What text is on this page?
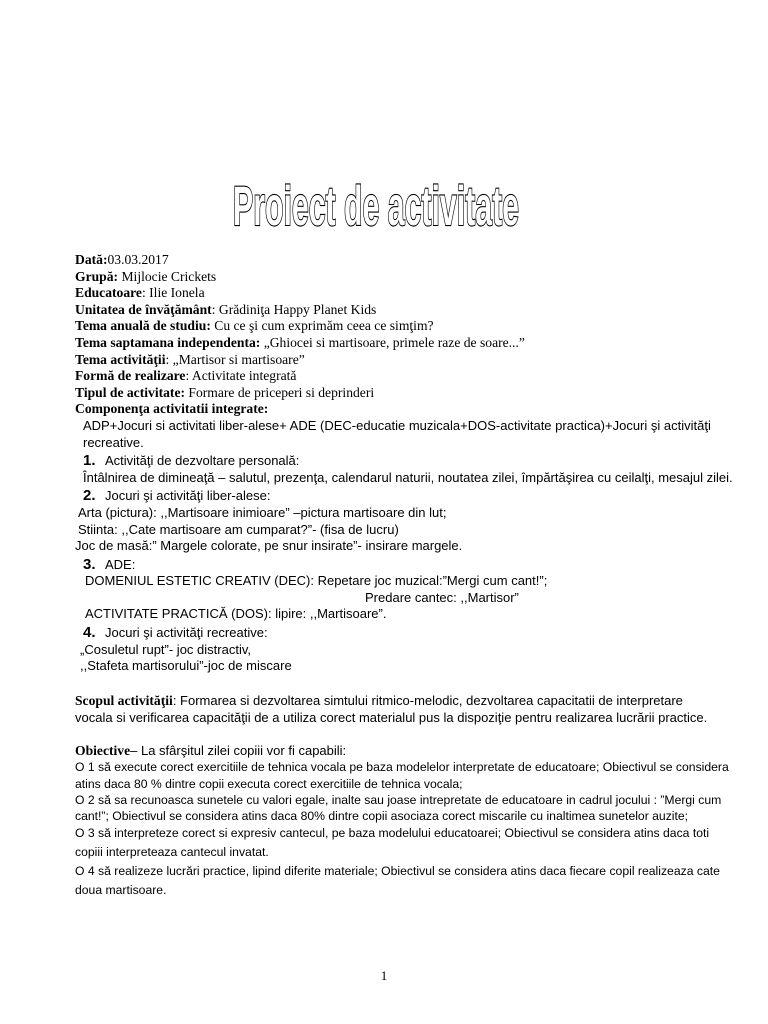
Proiect de activitate
Dată:03.03.2017
Grupă: Mijlocie Crickets
Educatoare: Ilie Ionela
Unitatea de învăţământ: Grădiniţa Happy Planet Kids
Tema anuală de studiu: Cu ce şi cum exprimăm ceea ce simţim?
Tema saptamana independenta: „Ghiocei si martisoare, primele raze de soare...”
Tema activităţii: „Martisor si martisoare”
Formă de realizare: Activitate integrată
Tipul de activitate: Formare de priceperi si deprinderi
Componenţa activitatii integrate:
ADP+Jocuri si activitati liber-alese+ ADE (DEC-educatie muzicala+DOS-activitate practica)+Jocuri şi activităţi recreative.
1. Activităţi de dezvoltare personală:
Întâlnirea de dimineaţă – salutul, prezenţa, calendarul naturii, noutatea zilei, împărtăşirea cu ceilalţi, mesajul zilei.
2. Jocuri şi activităţi liber-alese:
Arta (pictura): ,,Martisoare inimioare” –pictura martisoare din lut;
Stiinta: ,,Cate martisoare am cumparat?”- (fisa de lucru)
Joc de masă:” Margele colorate, pe snur insirate”- insirare margele.
3. ADE:
DOMENIUL ESTETIC CREATIV (DEC): Repetare joc muzical:”Mergi cum cant!”;
Predare cantec: ,,Martisor”
ACTIVITATE PRACTICĂ (DOS): lipire: ,,Martisoare”.
4. Jocuri şi activităţi recreative:
„Cosuletul rupt”- joc distractiv,
,,Stafeta martisorului”-joc de miscare
Scopul activităţii: Formarea si dezvoltarea simtului ritmico-melodic, dezvoltarea capacitatii de interpretare vocala si verificarea capacităţii de a utiliza corect materialul pus la dispoziţie pentru realizarea lucrării practice.
Obiective– La sfârşitul zilei copiii vor fi capabili:
O 1 să execute corect exercitiile de tehnica vocala pe baza modelelor interpretate de educatoare; Obiectivul se considera atins daca 80 % dintre copii executa corect exercitiile de tehnica vocala;
O 2 să sa recunoasca sunetele cu valori egale, inalte sau joase intrepretate de educatoare in cadrul jocului : ”Mergi cum cant!”; Obiectivul se considera atins daca 80% dintre copii asociaza corect miscarile cu inaltimea sunetelor auzite;
O 3 să interpreteze corect si expresiv cantecul, pe baza modelului educatoarei; Obiectivul se considera atins daca toti copiii interpreteaza cantecul invatat.
O 4 să realizeze lucrări practice, lipind diferite materiale; Obiectivul se considera atins daca fiecare copil realizeaza cate doua martisoare.
1
